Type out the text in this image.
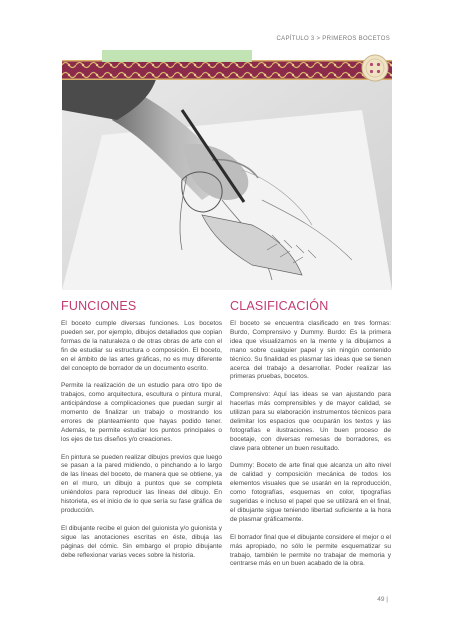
CAPÍTULO 3 > PRIMEROS BOCETOS
FUNCIONES

El boceto cumple diversas funciones. Los bocetos pueden ser, por ejemplo, dibujos detallados que copian formas de la naturaleza o de otras obras de arte con el fin de estudiar su estructura o composición. El boceto, en el ámbito de las artes gráficas, no es muy diferente del concepto de borrador de un documento escrito.

Permite la realización de un estudio para otro tipo de trabajos, como arquitectura, escultura o pintura mural, anticipándose a complicaciones que puedan surgir al momento de finalizar un trabajo o mostrando los errores de planteamiento que hayas podido tener. Además, te permite estudiar los puntos principales o los ejes de tus diseños y/o creaciones.

En pintura se pueden realizar dibujos previos que luego se pasan a la pared midiendo, o pinchando a lo largo de las líneas del boceto, de manera que se obtiene, ya en el muro, un dibujo a puntos que se completa uniéndolos para reproducir las líneas del dibujo. En historieta, es el inicio de lo que sería su fase gráfica de producción.

El dibujante recibe el guion del guionista y/o guionista y sigue las anotaciones escritas en éste, dibuja las páginas del cómic. Sin embargo el propio dibujante debe reflexionar varias veces sobre la historia.

CLASIFICACIÓN

El boceto se encuentra clasificado en tres formas: Burdo, Comprensivo y Dummy. Burdo: Es la primera idea que visualizamos en la mente y la dibujamos a mano sobre cualquier papel y sin ningún contenido técnico. Su finalidad es plasmar las ideas que se tienen acerca del trabajo a desarrollar. Poder realizar las primeras pruebas, bocetos.

Comprensivo: Aquí las ideas se van ajustando para hacerlas más comprensibles y de mayor calidad, se utilizan para su elaboración instrumentos técnicos para delimitar los espacios que ocuparán los textos y las fotografías e ilustraciones. Un buen proceso de bocetaje, con diversas remesas de borradores, es clave para obtener un buen resultado.

Dummy: Boceto de arte final que alcanza un alto nivel de calidad y composición mecánica de todos los elementos visuales que se usarán en la reproducción, como fotografías, esquemas en color, tipografías sugeridas e incluso el papel que se utilizará en el final, el dibujante sigue teniendo libertad suficiente a la hora de plasmar gráficamente.

El borrador final que el dibujante considere el mejor o el más apropiado, no sólo le permite esquematizar su trabajo, también le permite no trabajar de memoria y centrarse más en un buen acabado de la obra.

49 |
